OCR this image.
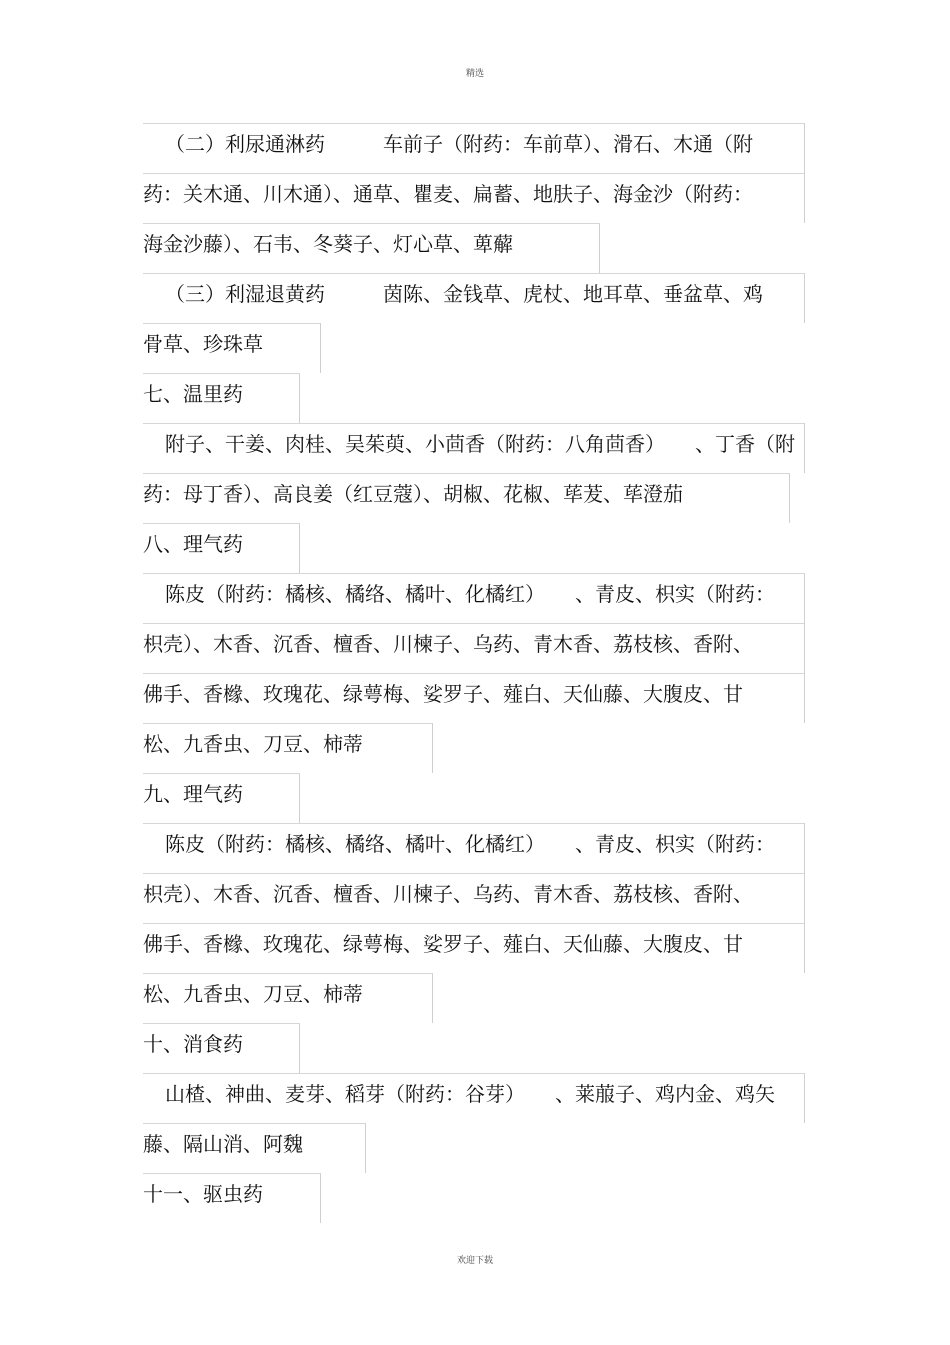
精选
（二）利尿通淋药	车前子（附药：车前草）、滑石、木通（附
药：关木通、川木通）、通草、瞿麦、扁蓄、地肤子、海金沙（附药：
海金沙藤）、石韦、冬葵子、灯心草、萆薢
（三）利湿退黄药	茵陈、金钱草、虎杖、地耳草、垂盆草、鸡
骨草、珍珠草
七、温里药
附子、干姜、肉桂、吴茱萸、小茴香（附药：八角茴香） 、丁香（附
药：母丁香）、高良姜（红豆蔻）、胡椒、花椒、荜茇、荜澄茄
八、理气药
陈皮（附药：橘核、橘络、橘叶、化橘红） 、青皮、枳实（附药：
枳壳）、木香、沉香、檀香、川楝子、乌药、青木香、荔枝核、香附、
佛手、香橼、玫瑰花、绿萼梅、娑罗子、薤白、天仙藤、大腹皮、甘
松、九香虫、刀豆、柿蒂
九、理气药
陈皮（附药：橘核、橘络、橘叶、化橘红） 、青皮、枳实（附药：
枳壳）、木香、沉香、檀香、川楝子、乌药、青木香、荔枝核、香附、
佛手、香橼、玫瑰花、绿萼梅、娑罗子、薤白、天仙藤、大腹皮、甘
松、九香虫、刀豆、柿蒂
十、消食药
山楂、神曲、麦芽、稻芽（附药：谷芽） 、莱菔子、鸡内金、鸡矢
藤、隔山消、阿魏
十一、驱虫药
欢迎下载
